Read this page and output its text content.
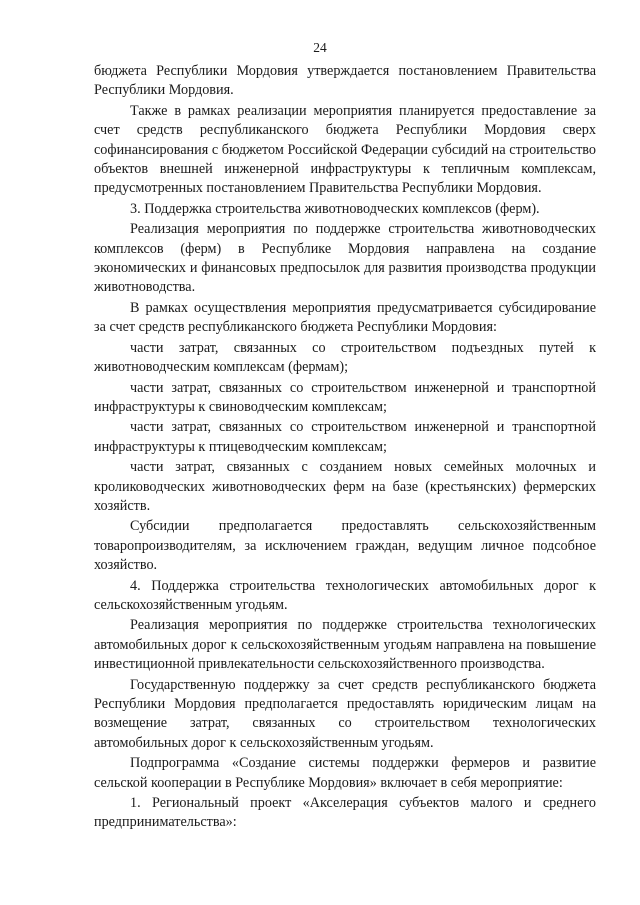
24

бюджета Республики Мордовия утверждается постановлением Правительства Республики Мордовия.

Также в рамках реализации мероприятия планируется предоставление за счет средств республиканского бюджета Республики Мордовия сверх софинансирования с бюджетом Российской Федерации субсидий на строительство объектов внешней инженерной инфраструктуры к тепличным комплексам, предусмотренных постановлением Правительства Республики Мордовия.

3. Поддержка строительства животноводческих комплексов (ферм).

Реализация мероприятия по поддержке строительства животноводческих комплексов (ферм) в Республике Мордовия направлена на создание экономических и финансовых предпосылок для развития производства продукции животноводства.

В рамках осуществления мероприятия предусматривается субсидирование за счет средств республиканского бюджета Республики Мордовия:

части затрат, связанных со строительством подъездных путей к животноводческим комплексам (фермам);

части затрат, связанных со строительством инженерной и транспортной инфраструктуры к свиноводческим комплексам;

части затрат, связанных со строительством инженерной и транспортной инфраструктуры к птицеводческим комплексам;

части затрат, связанных с созданием новых семейных молочных и кролиководческих животноводческих ферм на базе (крестьянских) фермерских хозяйств.

Субсидии предполагается предоставлять сельскохозяйственным товаропроизводителям, за исключением граждан, ведущим личное подсобное хозяйство.

4. Поддержка строительства технологических автомобильных дорог к сельскохозяйственным угодьям.

Реализация мероприятия по поддержке строительства технологических автомобильных дорог к сельскохозяйственным угодьям направлена на повышение инвестиционной привлекательности сельскохозяйственного производства.

Государственную поддержку за счет средств республиканского бюджета Республики Мордовия предполагается предоставлять юридическим лицам на возмещение затрат, связанных со строительством технологических автомобильных дорог к сельскохозяйственным угодьям.

Подпрограмма «Создание системы поддержки фермеров и развитие сельской кооперации в Республике Мордовия» включает в себя мероприятие:

1. Региональный проект «Акселерация субъектов малого и среднего предпринимательства»:
